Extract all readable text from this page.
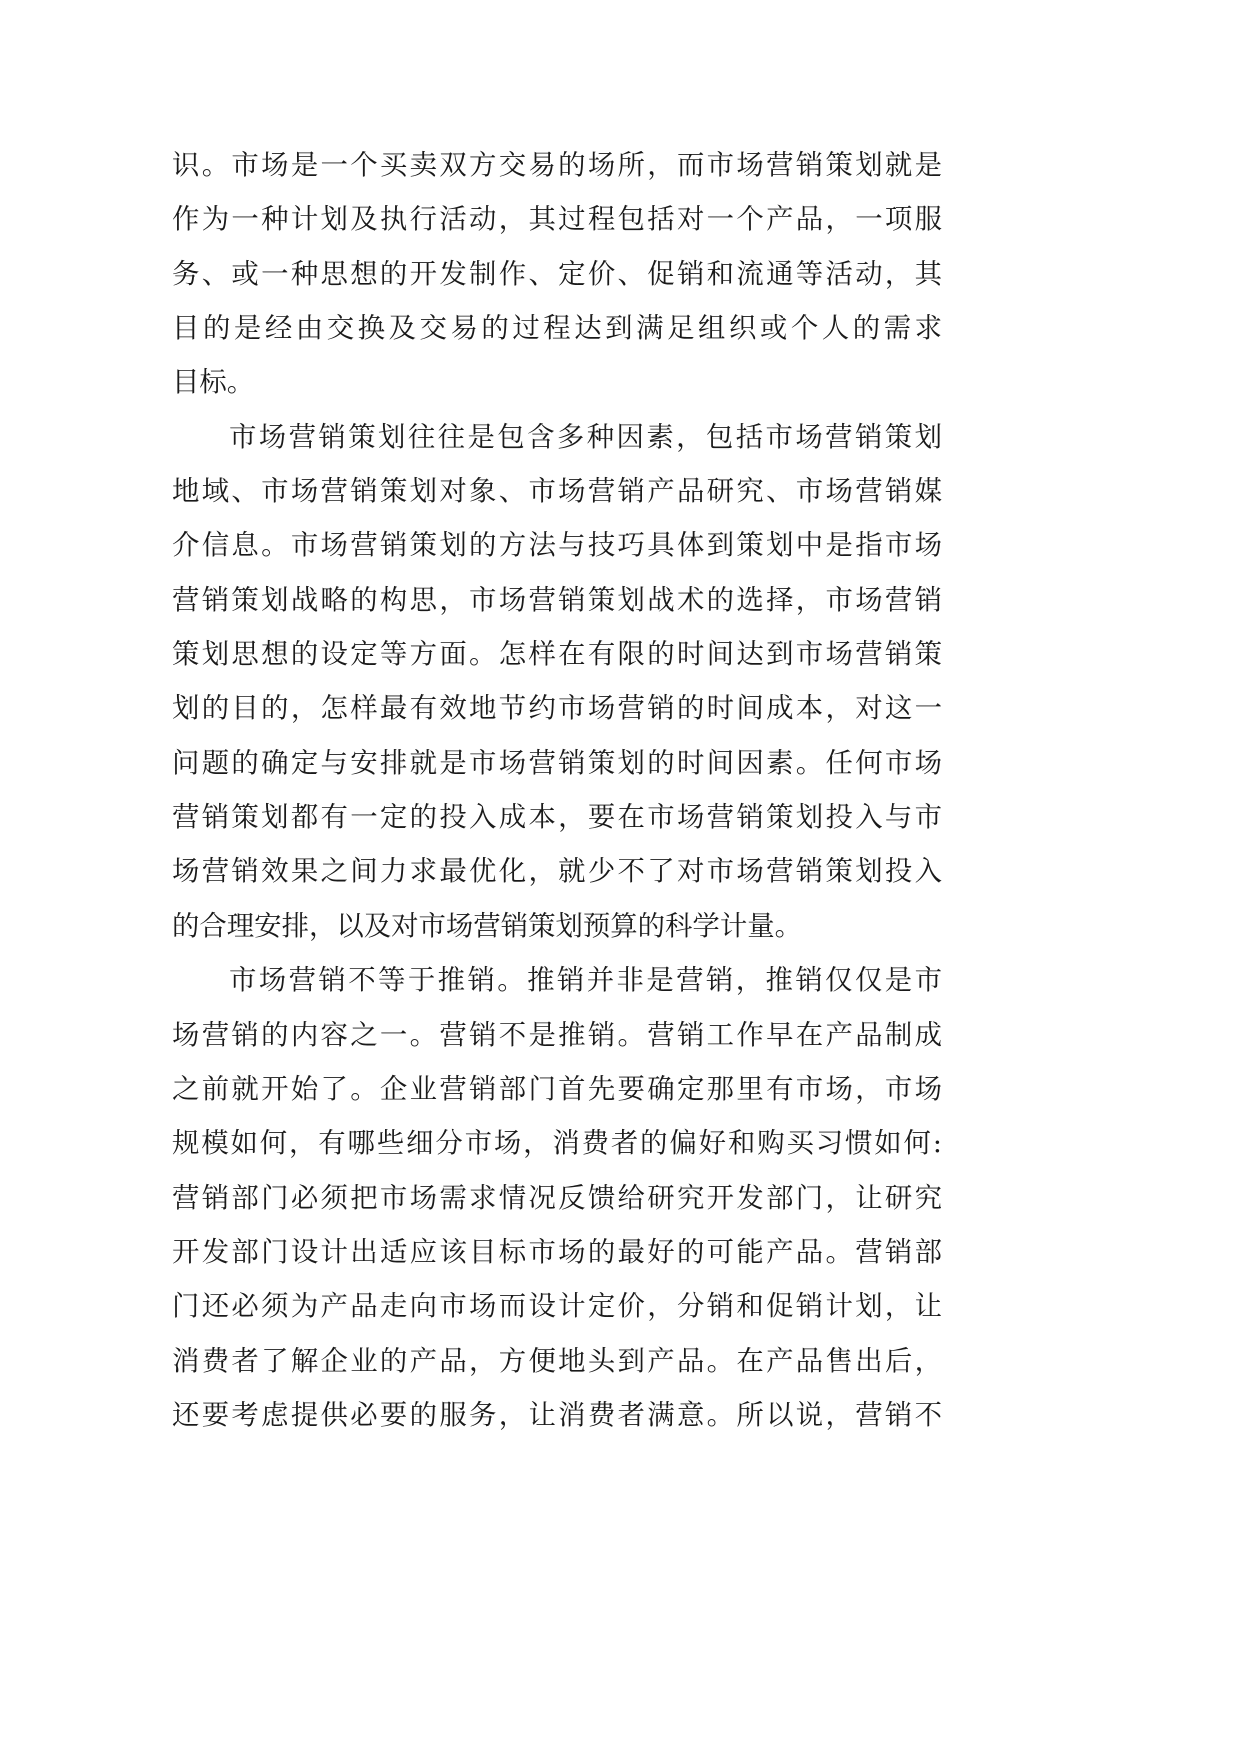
识。市场是一个买卖双方交易的场所，而市场营销策划就是
作为一种计划及执行活动，其过程包括对一个产品，一项服
务、或一种思想的开发制作、定价、促销和流通等活动，其
目的是经由交换及交易的过程达到满足组织或个人的需求
目标。
市场营销策划往往是包含多种因素，包括市场营销策划
地域、市场营销策划对象、市场营销产品研究、市场营销媒
介信息。市场营销策划的方法与技巧具体到策划中是指市场
营销策划战略的构思，市场营销策划战术的选择，市场营销
策划思想的设定等方面。怎样在有限的时间达到市场营销策
划的目的，怎样最有效地节约市场营销的时间成本，对这一
问题的确定与安排就是市场营销策划的时间因素。任何市场
营销策划都有一定的投入成本，要在市场营销策划投入与市
场营销效果之间力求最优化，就少不了对市场营销策划投入
的合理安排，以及对市场营销策划预算的科学计量。
市场营销不等于推销。推销并非是营销，推销仅仅是市
场营销的内容之一。营销不是推销。营销工作早在产品制成
之前就开始了。企业营销部门首先要确定那里有市场，市场
规模如何，有哪些细分市场，消费者的偏好和购买习惯如何:
营销部门必须把市场需求情况反馈给研究开发部门，让研究
开发部门设计出适应该目标市场的最好的可能产品。营销部
门还必须为产品走向市场而设计定价，分销和促销计划，让
消费者了解企业的产品，方便地头到产品。在产品售出后，
还要考虑提供必要的服务，让消费者满意。所以说，营销不
